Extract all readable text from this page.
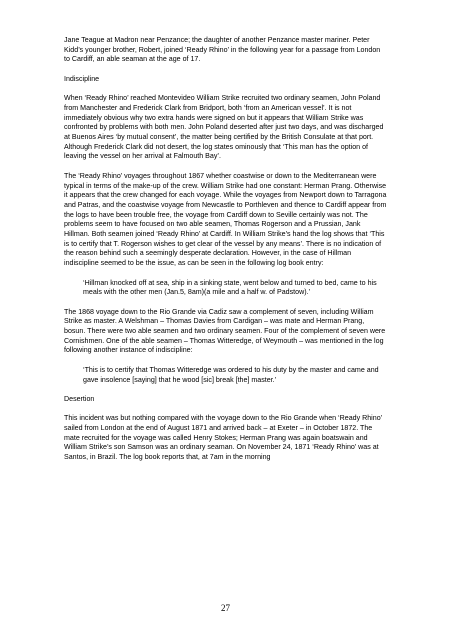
Jane Teague at Madron near Penzance; the daughter of another Penzance master mariner. Peter Kidd’s younger brother, Robert, joined ‘Ready Rhino’ in the following year for a passage from London to Cardiff, an able seaman at the age of 17.

Indiscipline

When ‘Ready Rhino’ reached Montevideo William Strike recruited two ordinary seamen, John Poland from Manchester and Frederick Clark from Bridport, both ‘from an American vessel’. It is not immediately obvious why two extra hands were signed on but it appears that William Strike was confronted by problems with both men. John Poland deserted after just two days, and was discharged at Buenos Aires ‘by mutual consent’, the matter being certified by the British Consulate at that port. Although Frederick Clark did not desert, the log states ominously that ‘This man has the option of leaving the vessel on her arrival at Falmouth Bay’.

The ‘Ready Rhino’ voyages throughout 1867 whether coastwise or down to the Mediterranean were typical in terms of the make-up of the crew. William Strike had one constant: Herman Prang. Otherwise it appears that the crew changed for each voyage. While the voyages from Newport down to Tarragona and Patras, and the coastwise voyage from Newcastle to Porthleven and thence to Cardiff appear from the logs to have been trouble free, the voyage from Cardiff down to Seville certainly was not. The problems seem to have focused on two able seamen, Thomas Rogerson and a Prussian, Jank Hillman. Both seamen joined ‘Ready Rhino’ at Cardiff. In William Strike’s hand the log shows that ‘This is to certify that T. Rogerson wishes to get clear of the vessel by any means’. There is no indication of the reason behind such a seemingly desperate declaration. However, in the case of Hillman indiscipline seemed to be the issue, as can be seen in the following log book entry:

‘Hillman knocked off at sea, ship in a sinking state, went below and turned to bed, came to his meals with the other men (Jan.5, 8am)(a mile and a half w. of Padstow).’

The 1868 voyage down to the Rio Grande via Cadiz saw a complement of seven, including William Strike as master. A Welshman – Thomas Davies from Cardigan – was mate and Herman Prang, bosun. There were two able seamen and two ordinary seamen. Four of the complement of seven were Cornishmen. One of the able seamen – Thomas Witteredge, of Weymouth – was mentioned in the log following another instance of indiscipline:

‘This is to certify that Thomas Witteredge was ordered to his duty by the master and came and gave insolence [saying] that he wood [sic] break [the] master.’

Desertion

This incident was but nothing compared with the voyage down to the Rio Grande when ‘Ready Rhino’ sailed from London at the end of August 1871 and arrived back – at Exeter – in October 1872. The mate recruited for the voyage was called Henry Stokes; Herman Prang was again boatswain and William Strike’s son Samson was an ordinary seaman. On November 24, 1871 ‘Ready Rhino’ was at Santos, in Brazil. The log book reports that, at 7am in the morning

27
